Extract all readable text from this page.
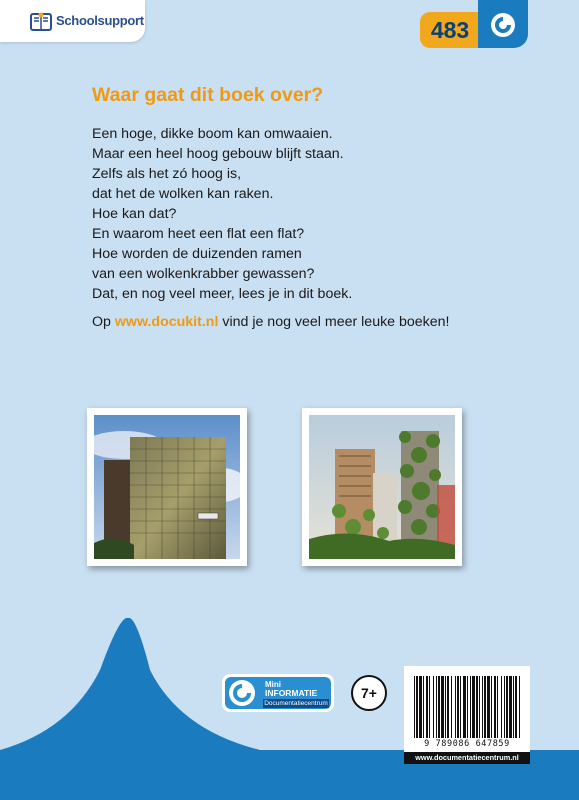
Schoolsupport	483
Waar gaat dit boek over?

Een hoge, dikke boom kan omwaaien.
Maar een heel hoog gebouw blijft staan.
Zelfs als het zó hoog is,
dat het de wolken kan raken.
Hoe kan dat?
En waarom heet een flat een flat?
Hoe worden de duizenden ramen
van een wolkenkrabber gewassen?
Dat, en nog veel meer, lees je in dit boek.

Op www.docukit.nl vind je nog veel meer leuke boeken!

Mini
INFORMATIE
Documentatiecentrum
7+
9 789086 647859
www.documentatiecentrum.nl
